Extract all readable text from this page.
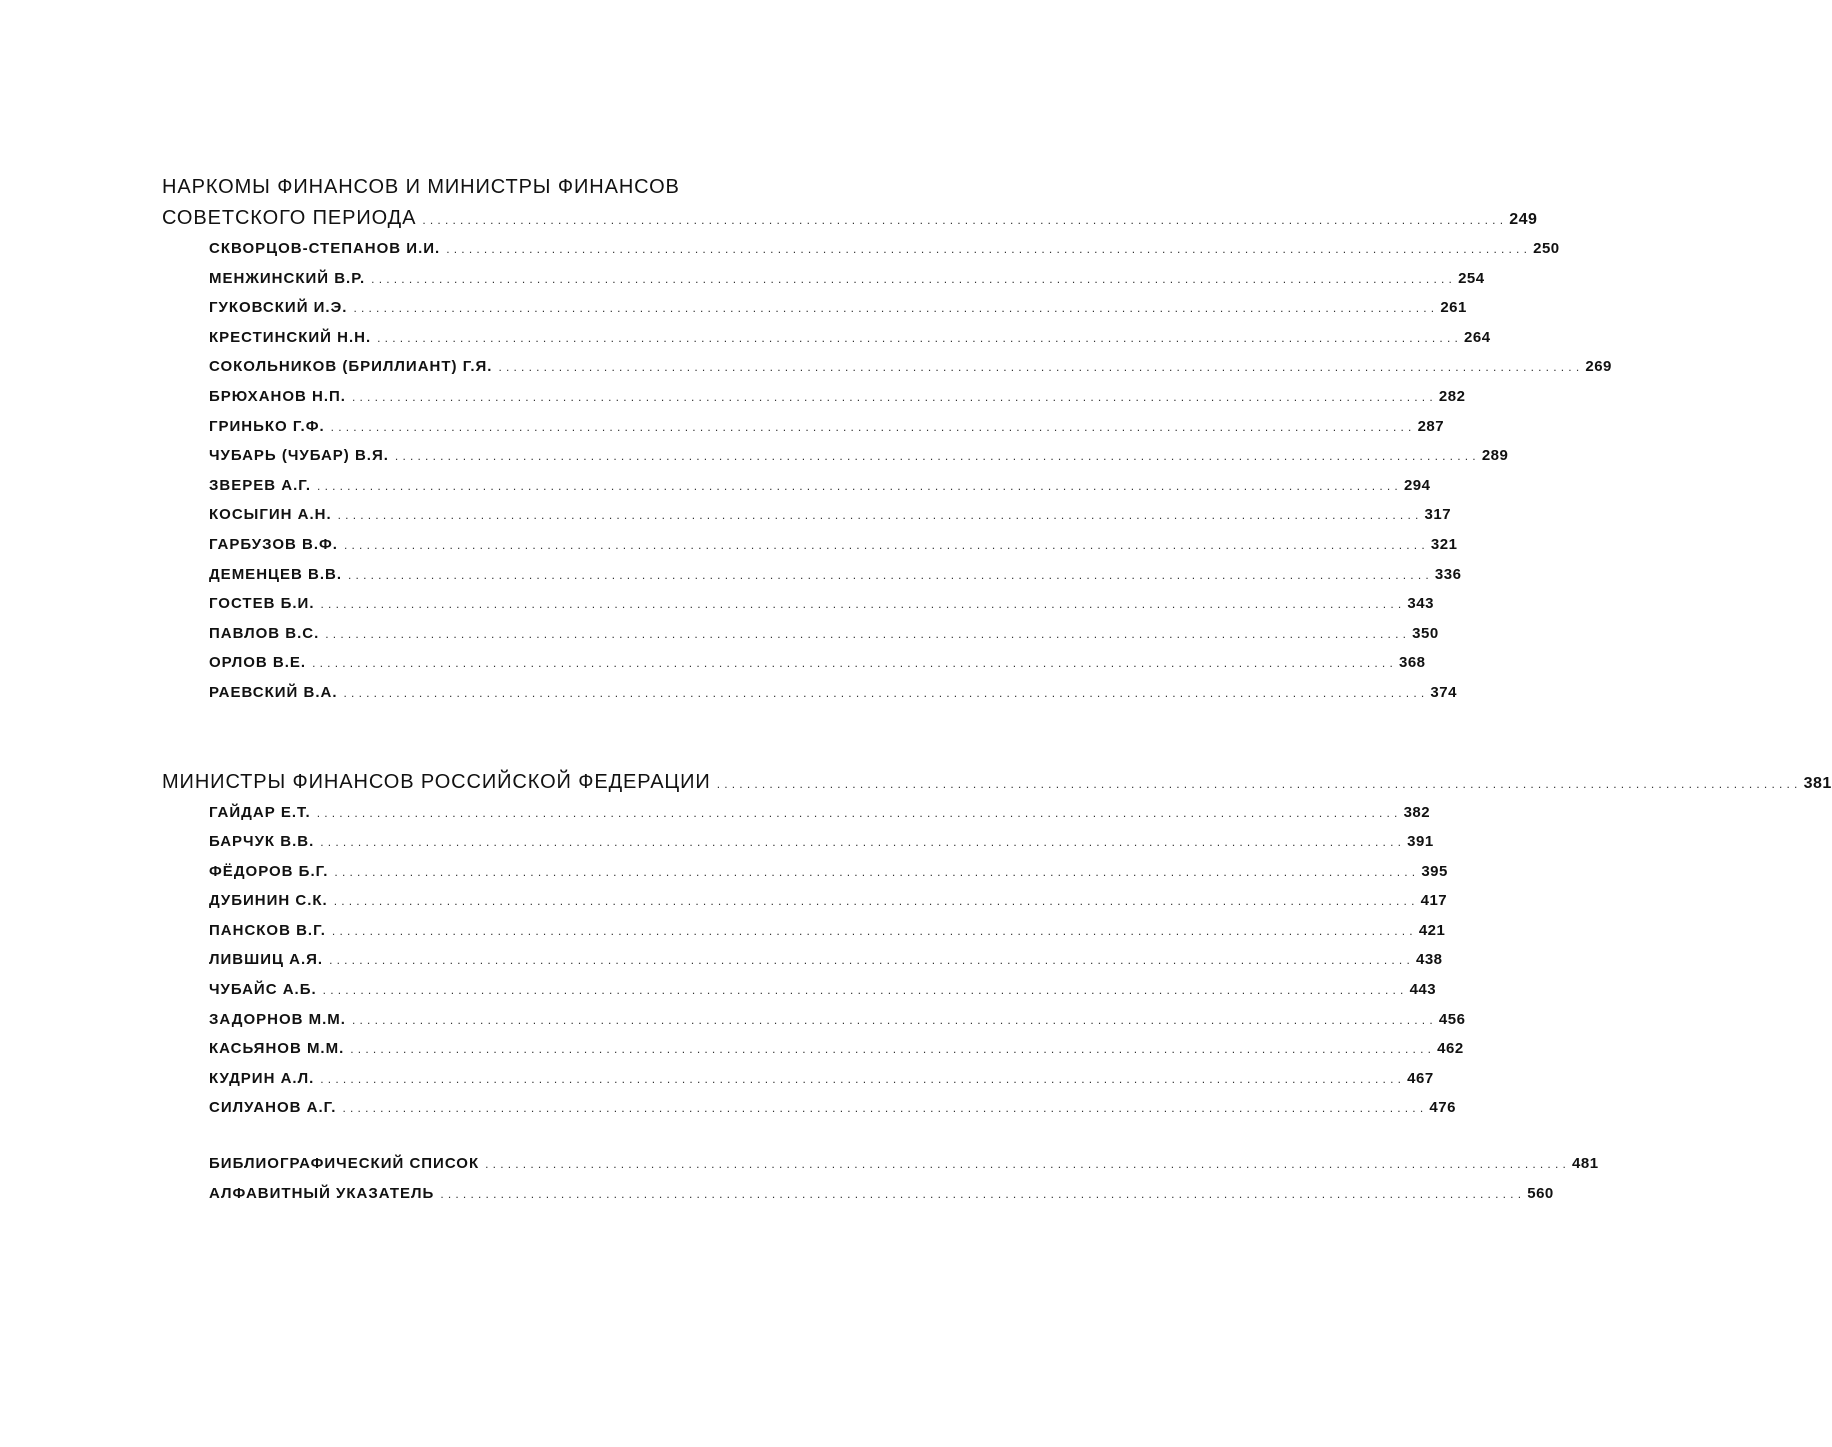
НАРКОМЫ ФИНАНСОВ И МИНИСТРЫ ФИНАНСОВ
СОВЕТСКОГО ПЕРИОДА ................................................................................................................................................ 249
СКВОРЦОВ-СТЕПАНОВ И.И. ................................................................................................................................................ 250
МЕНЖИНСКИЙ В.Р. ................................................................................................................................................ 254
ГУКОВСКИЙ И.Э. ................................................................................................................................................ 261
КРЕСТИНСКИЙ Н.Н. ................................................................................................................................................ 264
СОКОЛЬНИКОВ (БРИЛЛИАНТ) Г.Я. ................................................................................................................................................ 269
БРЮХАНОВ Н.П. ................................................................................................................................................ 282
ГРИНЬКО Г.Ф. ................................................................................................................................................ 287
ЧУБАРЬ (ЧУБАР) В.Я. ................................................................................................................................................ 289
ЗВЕРЕВ А.Г. ................................................................................................................................................ 294
КОСЫГИН А.Н. ................................................................................................................................................ 317
ГАРБУЗОВ В.Ф. ................................................................................................................................................ 321
ДЕМЕНЦЕВ В.В. ................................................................................................................................................ 336
ГОСТЕВ Б.И. ................................................................................................................................................ 343
ПАВЛОВ В.С. ................................................................................................................................................ 350
ОРЛОВ В.Е. ................................................................................................................................................ 368
РАЕВСКИЙ В.А. ................................................................................................................................................ 374
МИНИСТРЫ ФИНАНСОВ РОССИЙСКОЙ ФЕДЕРАЦИИ ................................................................................................................................................ 381
ГАЙДАР Е.Т. ................................................................................................................................................ 382
БАРЧУК В.В. ................................................................................................................................................ 391
ФЁДОРОВ Б.Г. ................................................................................................................................................ 395
ДУБИНИН С.К. ................................................................................................................................................ 417
ПАНСКОВ В.Г. ................................................................................................................................................ 421
ЛИВШИЦ А.Я. ................................................................................................................................................ 438
ЧУБАЙС А.Б. ................................................................................................................................................ 443
ЗАДОРНОВ М.М. ................................................................................................................................................ 456
КАСЬЯНОВ М.М. ................................................................................................................................................ 462
КУДРИН А.Л. ................................................................................................................................................ 467
СИЛУАНОВ А.Г. ................................................................................................................................................ 476
БИБЛИОГРАФИЧЕСКИЙ СПИСОК ................................................................................................................................................ 481
АЛФАВИТНЫЙ УКАЗАТЕЛЬ ................................................................................................................................................ 560
